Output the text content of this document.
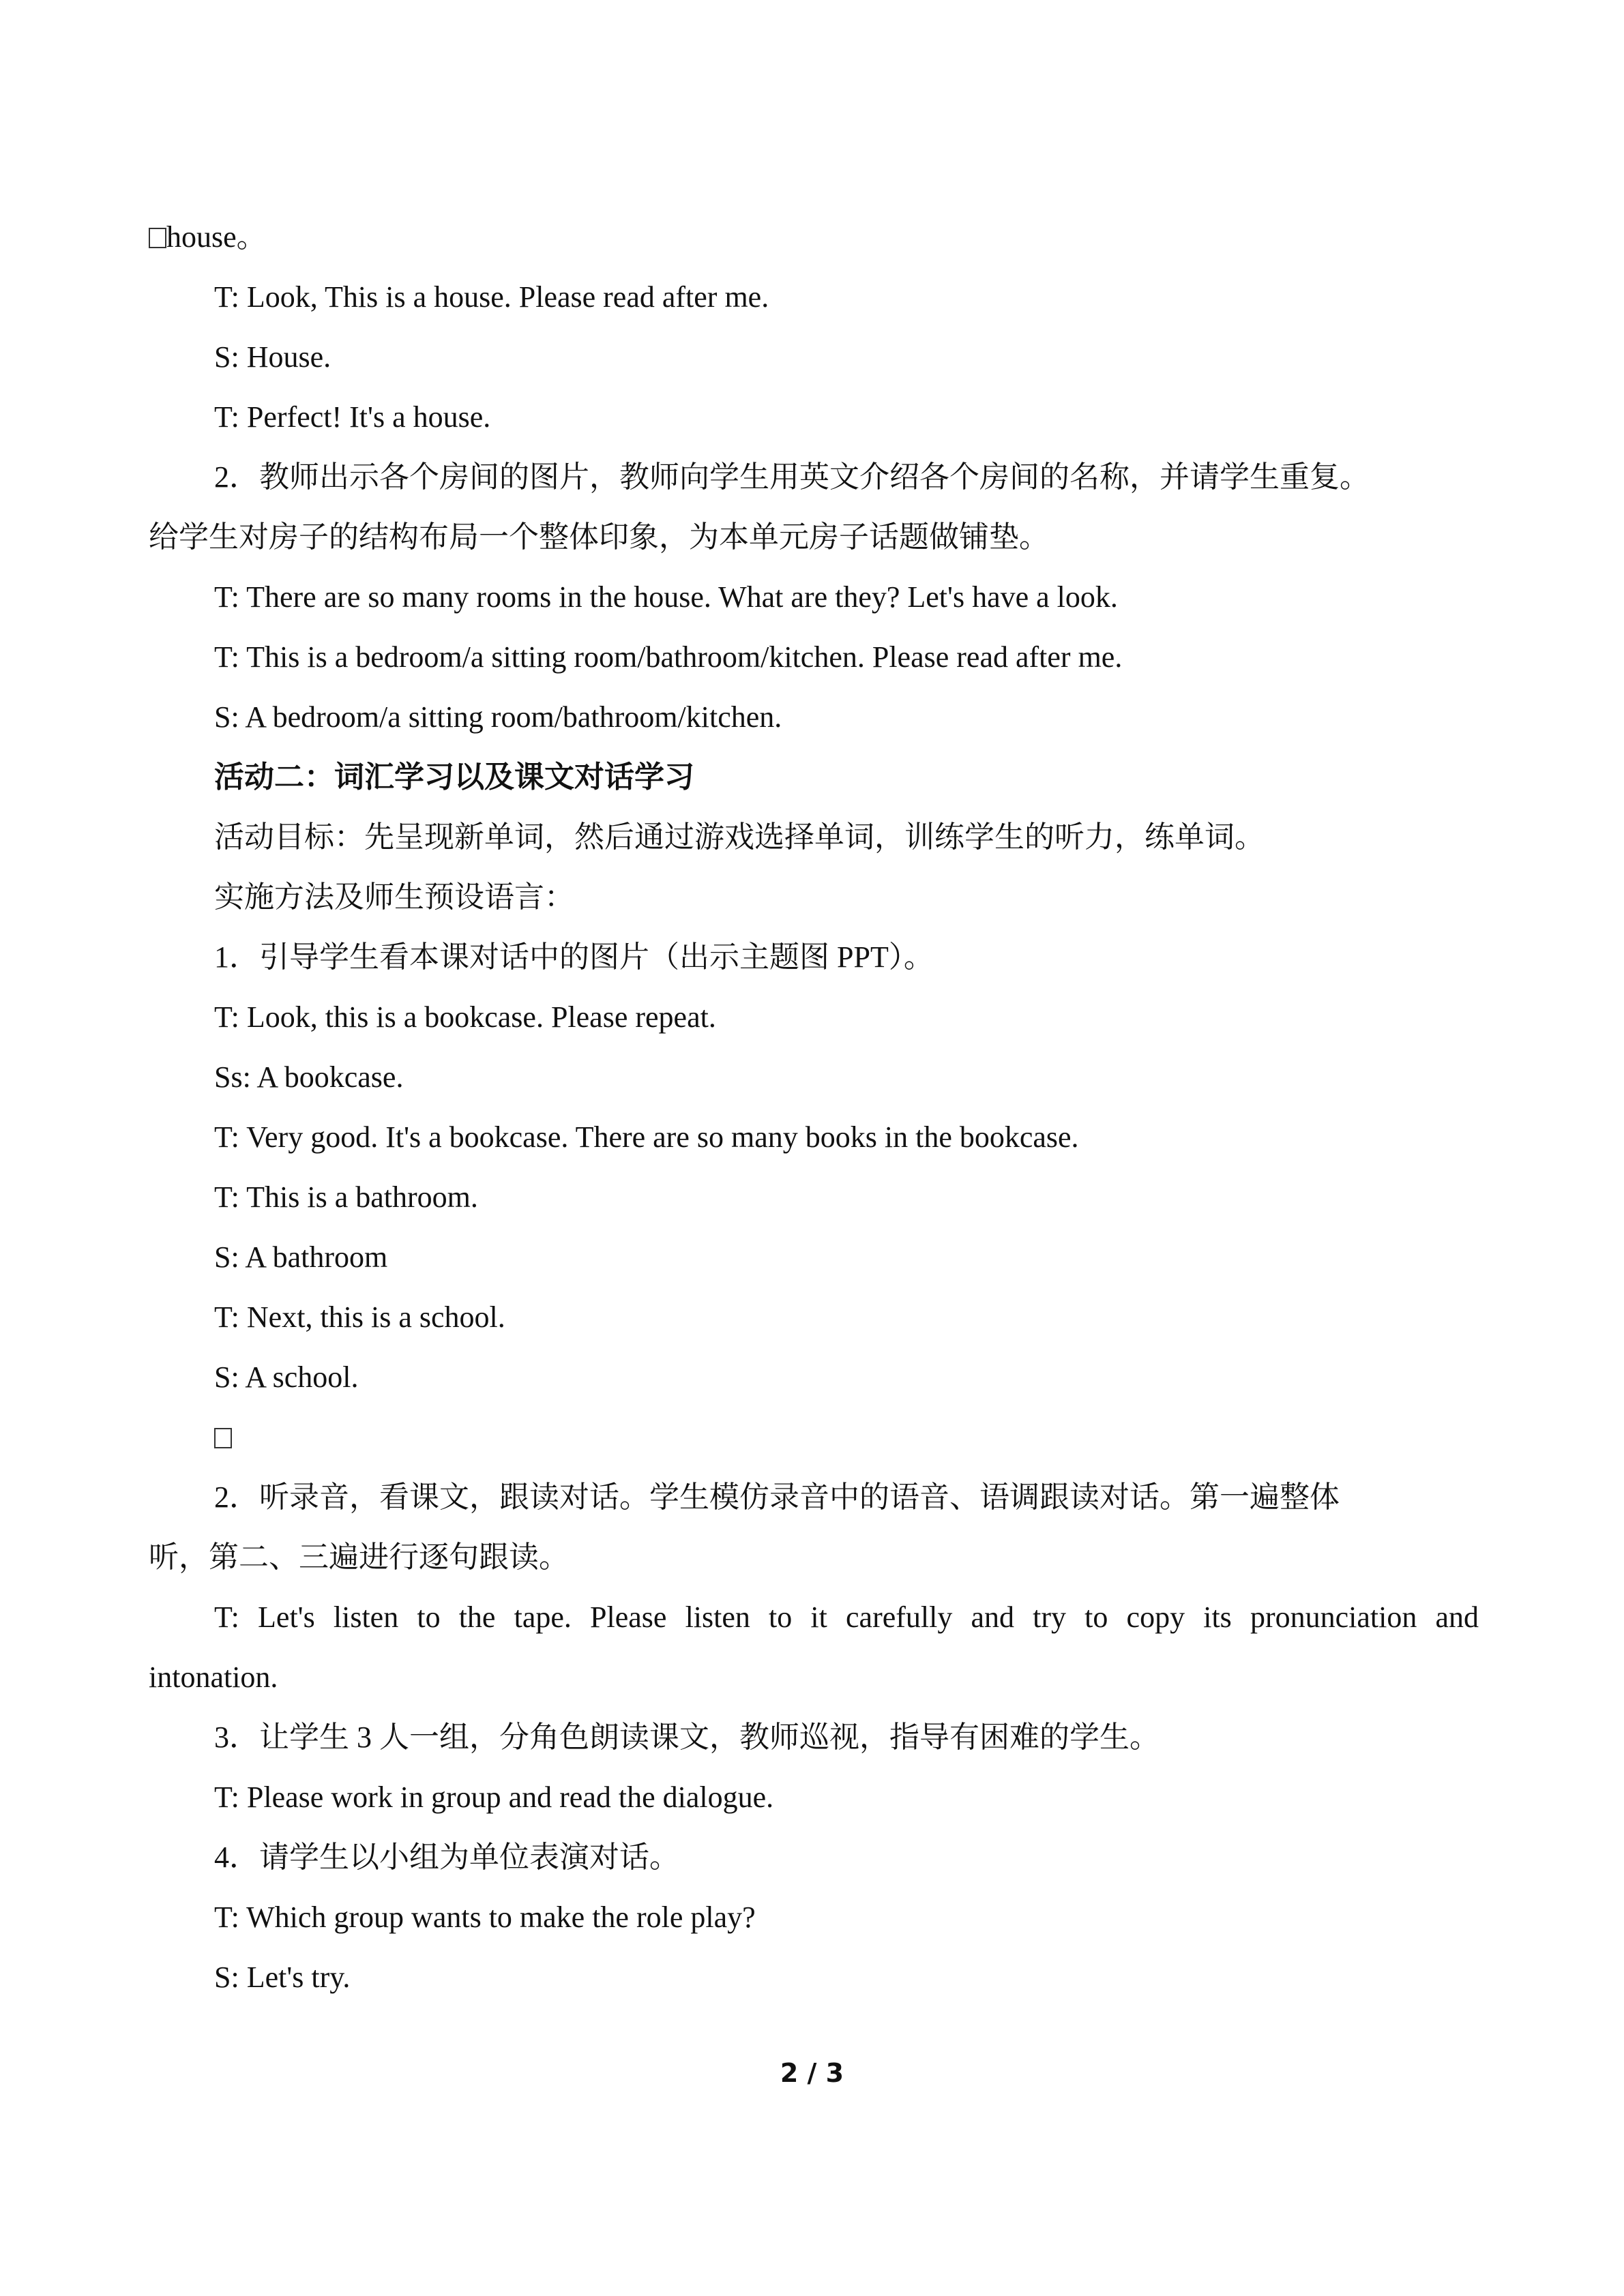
house。
T: Look, This is a house. Please read after me.
S: House.
T: Perfect! It's a house.
2．教师出示各个房间的图片，教师向学生用英文介绍各个房间的名称，并请学生重复。
给学生对房子的结构布局一个整体印象，为本单元房子话题做铺垫。
T: There are so many rooms in the house. What are they? Let's have a look.
T: This is a bedroom/a sitting room/bathroom/kitchen. Please read after me.
S: A bedroom/a sitting room/bathroom/kitchen.
活动二：词汇学习以及课文对话学习
活动目标：先呈现新单词，然后通过游戏选择单词，训练学生的听力，练单词。
实施方法及师生预设语言：
1．引导学生看本课对话中的图片（出示主题图 PPT）。
T: Look, this is a bookcase. Please repeat.
Ss: A bookcase.
T: Very good. It's a bookcase. There are so many books in the bookcase.
T: This is a bathroom.
S: A bathroom
T: Next, this is a school.
S: A school.
2．听录音，看课文，跟读对话。学生模仿录音中的语音、语调跟读对话。第一遍整体
听，第二、三遍进行逐句跟读。
T: Let's listen to the tape. Please listen to it carefully and try to copy its pronunciation and
intonation.
3．让学生 3 人一组，分角色朗读课文，教师巡视，指导有困难的学生。
T: Please work in group and read the dialogue.
4．请学生以小组为单位表演对话。
T: Which group wants to make the role play?
S: Let's try.
2 / 3
